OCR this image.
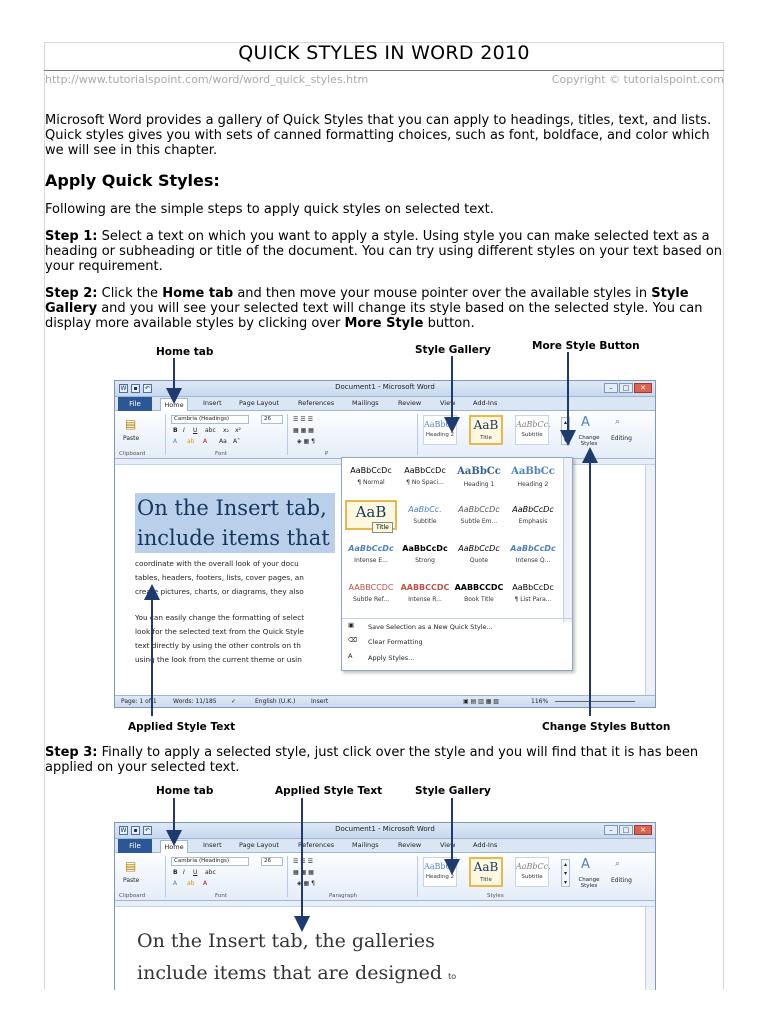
QUICK STYLES IN WORD 2010
http://www.tutorialspoint.com/word/word_quick_styles.htm	Copyright © tutorialspoint.com

Microsoft Word provides a gallery of Quick Styles that you can apply to headings, titles, text, and lists. Quick styles gives you with sets of canned formatting choices, such as font, boldface, and color which we will see in this chapter.

Apply Quick Styles:

Following are the simple steps to apply quick styles on selected text.

Step 1: Select a text on which you want to apply a style. Using style you can make selected text as a heading or subheading or title of the document. You can try using different styles on your text based on your requirement.

Step 2: Click the Home tab and then move your mouse pointer over the available styles in Style Gallery and you will see your selected text will change its style based on the selected style. You can display more available styles by clicking over More Style button.

Step 3: Finally to apply a selected style, just click over the style and you will find that it is has been applied on your selected text.

Home tab	Style Gallery	More Style Button
Applied Style Text	Change Styles Button
W	▪	↶	Document1 - Microsoft Word	–	□	✕
File	Home	Insert	Page Layout	References	Mailings	Review	View	Add-Ins
▤
Paste
Clipboard
Cambria (Headings)	26
B I U abc x₂ x²
A ab A Aa A˄
Font
☰ ☰ ☰
▦ ▦ ▦
◈ ▦ ¶
P
AaBbCc
Heading 2
AaB
Title
AaBbCc.
Subtitle
▴
▾
▾
A
Change Styles
⌕
Editing
On the Insert tab,
include items that
coordinate with the overall look of your docu
tables, headers, footers, lists, cover pages, an
create pictures, charts, or diagrams, they also
You can easily change the formatting of select
look for the selected text from the Quick Style
text directly by using the other controls on th
using the look from the current theme or usin
AaBbCcDc
¶ Normal
AaBbCcDc
¶ No Spaci...
AaBbCc
Heading 1
AaBbCc
Heading 2
AaB	AaBbCc.
Subtitle
AaBbCcDc
Subtle Em...
AaBbCcDc
Emphasis
AaBbCcDc
Intense E...
AaBbCcDc
Strong
AaBbCcDc
Quote
AaBbCcDc
Intense Q...
AABBCCDC
Subtle Ref...
AABBCCDC
Intense R...
AABBCCDC
Book Title
AaBbCcDc
¶ List Para...
Title
▣ Save Selection as a New Quick Style...
⌫ Clear Formatting
A Apply Styles...
Page: 1 of 1	Words: 11/185 ✓	English (U.K.)	Insert	▣ ▤ ▥ ▦ ▧	116%
Home tab	Applied Style Text	Style Gallery
W	▪	↶	Document1 - Microsoft Word	–	□	✕
File	Home	Insert	Page Layout	References	Mailings	Review	View	Add-Ins
▤
Paste
Clipboard
Cambria (Headings)	26
B I U abc
A ab A
Font
☰ ☰ ☰
▦ ▦ ▦
◈ ▦ ¶
Paragraph
AaBbCc
Heading 2
AaB
Title
AaBbCc.
Subtitle
▴
▾
▾
Styles
A
Change Styles
⌕
Editing
On the Insert tab, the galleries
include items that are designed to
